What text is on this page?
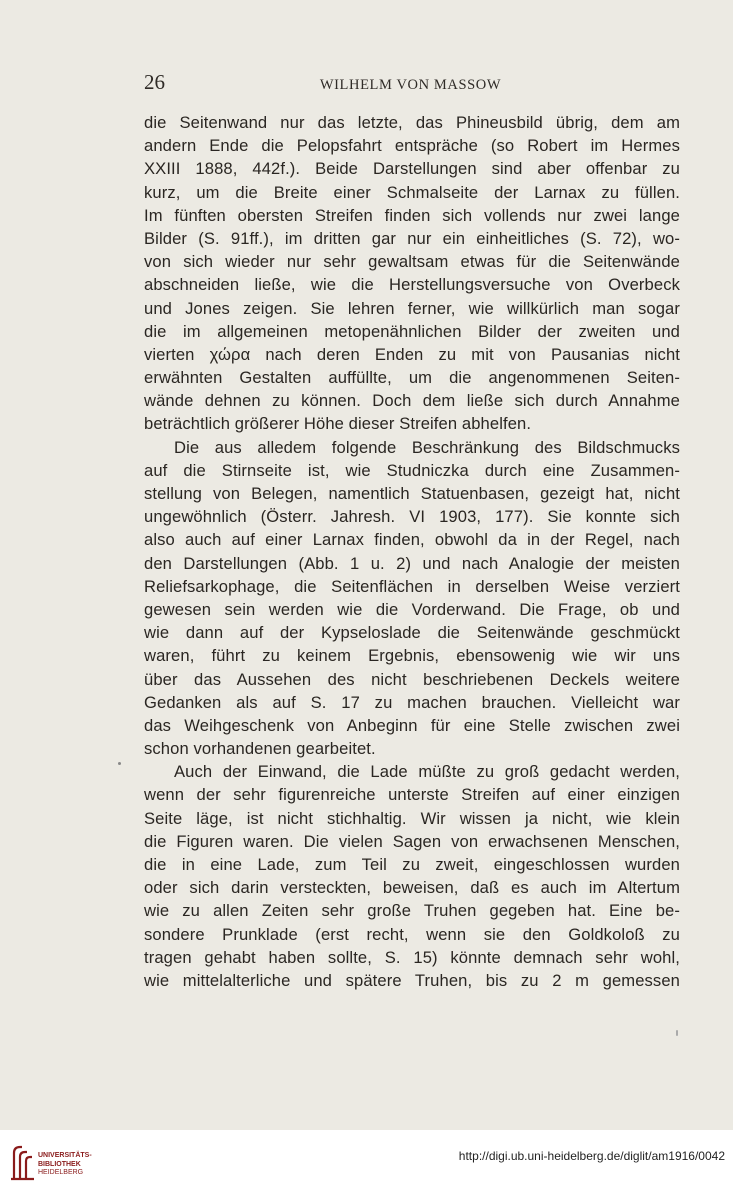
26	WILHELM VON MASSOW
die Seitenwand nur das letzte, das Phineusbild übrig, dem am
andern Ende die Pelopsfahrt entspräche (so Robert im Hermes
XXIII 1888, 442f.). Beide Darstellungen sind aber offenbar zu
kurz, um die Breite einer Schmalseite der Larnax zu füllen.
Im fünften obersten Streifen finden sich vollends nur zwei lange
Bilder (S. 91ff.), im dritten gar nur ein einheitliches (S. 72), wo-
von sich wieder nur sehr gewaltsam etwas für die Seitenwände
abschneiden ließe, wie die Herstellungsversuche von Overbeck
und Jones zeigen. Sie lehren ferner, wie willkürlich man sogar
die im allgemeinen metopenähnlichen Bilder der zweiten und
vierten χώρα nach deren Enden zu mit von Pausanias nicht
erwähnten Gestalten auffüllte, um die angenommenen Seiten-
wände dehnen zu können. Doch dem ließe sich durch Annahme
beträchtlich größerer Höhe dieser Streifen abhelfen.
Die aus alledem folgende Beschränkung des Bildschmucks
auf die Stirnseite ist, wie Studniczka durch eine Zusammen-
stellung von Belegen, namentlich Statuenbasen, gezeigt hat, nicht
ungewöhnlich (Österr. Jahresh. VI 1903, 177). Sie konnte sich
also auch auf einer Larnax finden, obwohl da in der Regel, nach
den Darstellungen (Abb. 1 u. 2) und nach Analogie der meisten
Reliefsarkophage, die Seitenflächen in derselben Weise verziert
gewesen sein werden wie die Vorderwand. Die Frage, ob und
wie dann auf der Kypseloslade die Seitenwände geschmückt
waren, führt zu keinem Ergebnis, ebensowenig wie wir uns
über das Aussehen des nicht beschriebenen Deckels weitere
Gedanken als auf S. 17 zu machen brauchen. Vielleicht war
das Weihgeschenk von Anbeginn für eine Stelle zwischen zwei
schon vorhandenen gearbeitet.
Auch der Einwand, die Lade müßte zu groß gedacht werden,
wenn der sehr figurenreiche unterste Streifen auf einer einzigen
Seite läge, ist nicht stichhaltig. Wir wissen ja nicht, wie klein
die Figuren waren. Die vielen Sagen von erwachsenen Menschen,
die in eine Lade, zum Teil zu zweit, eingeschlossen wurden
oder sich darin versteckten, beweisen, daß es auch im Altertum
wie zu allen Zeiten sehr große Truhen gegeben hat. Eine be-
sondere Prunklade (erst recht, wenn sie den Goldkoloß zu
tragen gehabt haben sollte, S. 15) könnte demnach sehr wohl,
wie mittelalterliche und spätere Truhen, bis zu 2 m gemessen
UNIVERSITÄTS-
BIBLIOTHEK
HEIDELBERG
http://digi.ub.uni-heidelberg.de/diglit/am1916/0042
